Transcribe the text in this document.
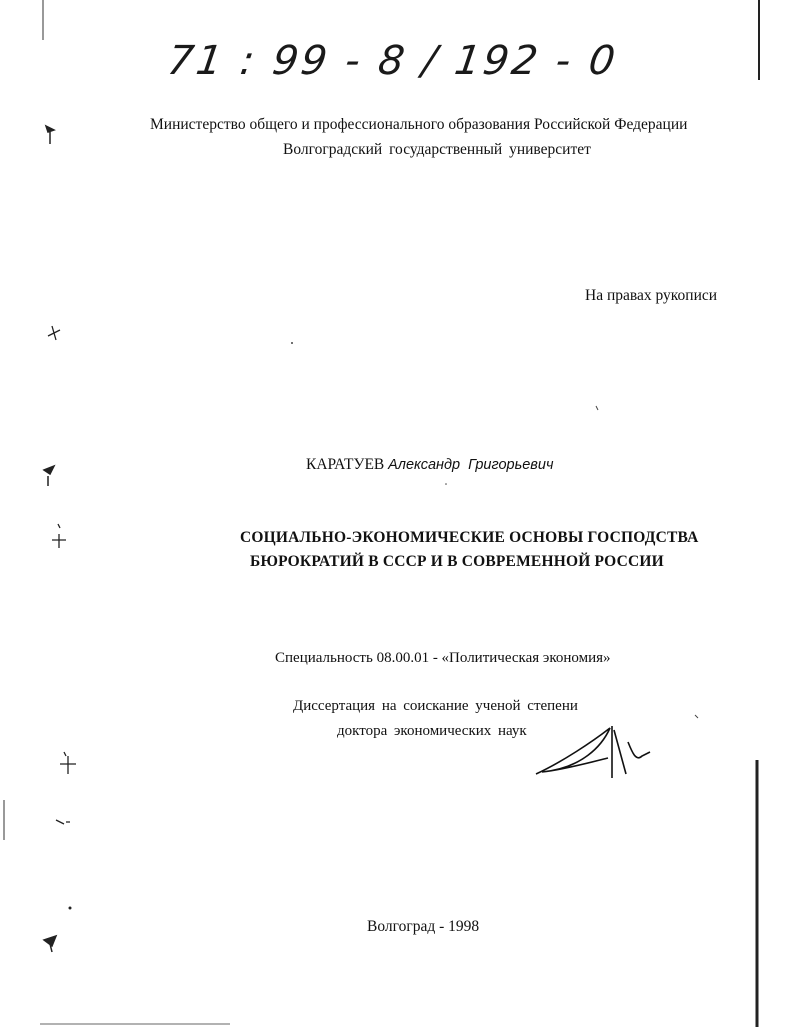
71 : 99 - 8 / 192 - 0
Министерство общего и профессионального образования Российской Федерации
Волгоградский государственный университет
На правах рукописи
КАРАТУЕВ Александр Григорьевич
СОЦИАЛЬНО-ЭКОНОМИЧЕСКИЕ ОСНОВЫ ГОСПОДСТВА
БЮРОКРАТИЙ В СССР И В СОВРЕМЕННОЙ РОССИИ
Специальность 08.00.01 - «Политическая экономия»
Диссертация на соискание ученой степени
доктора экономических наук
Волгоград - 1998
